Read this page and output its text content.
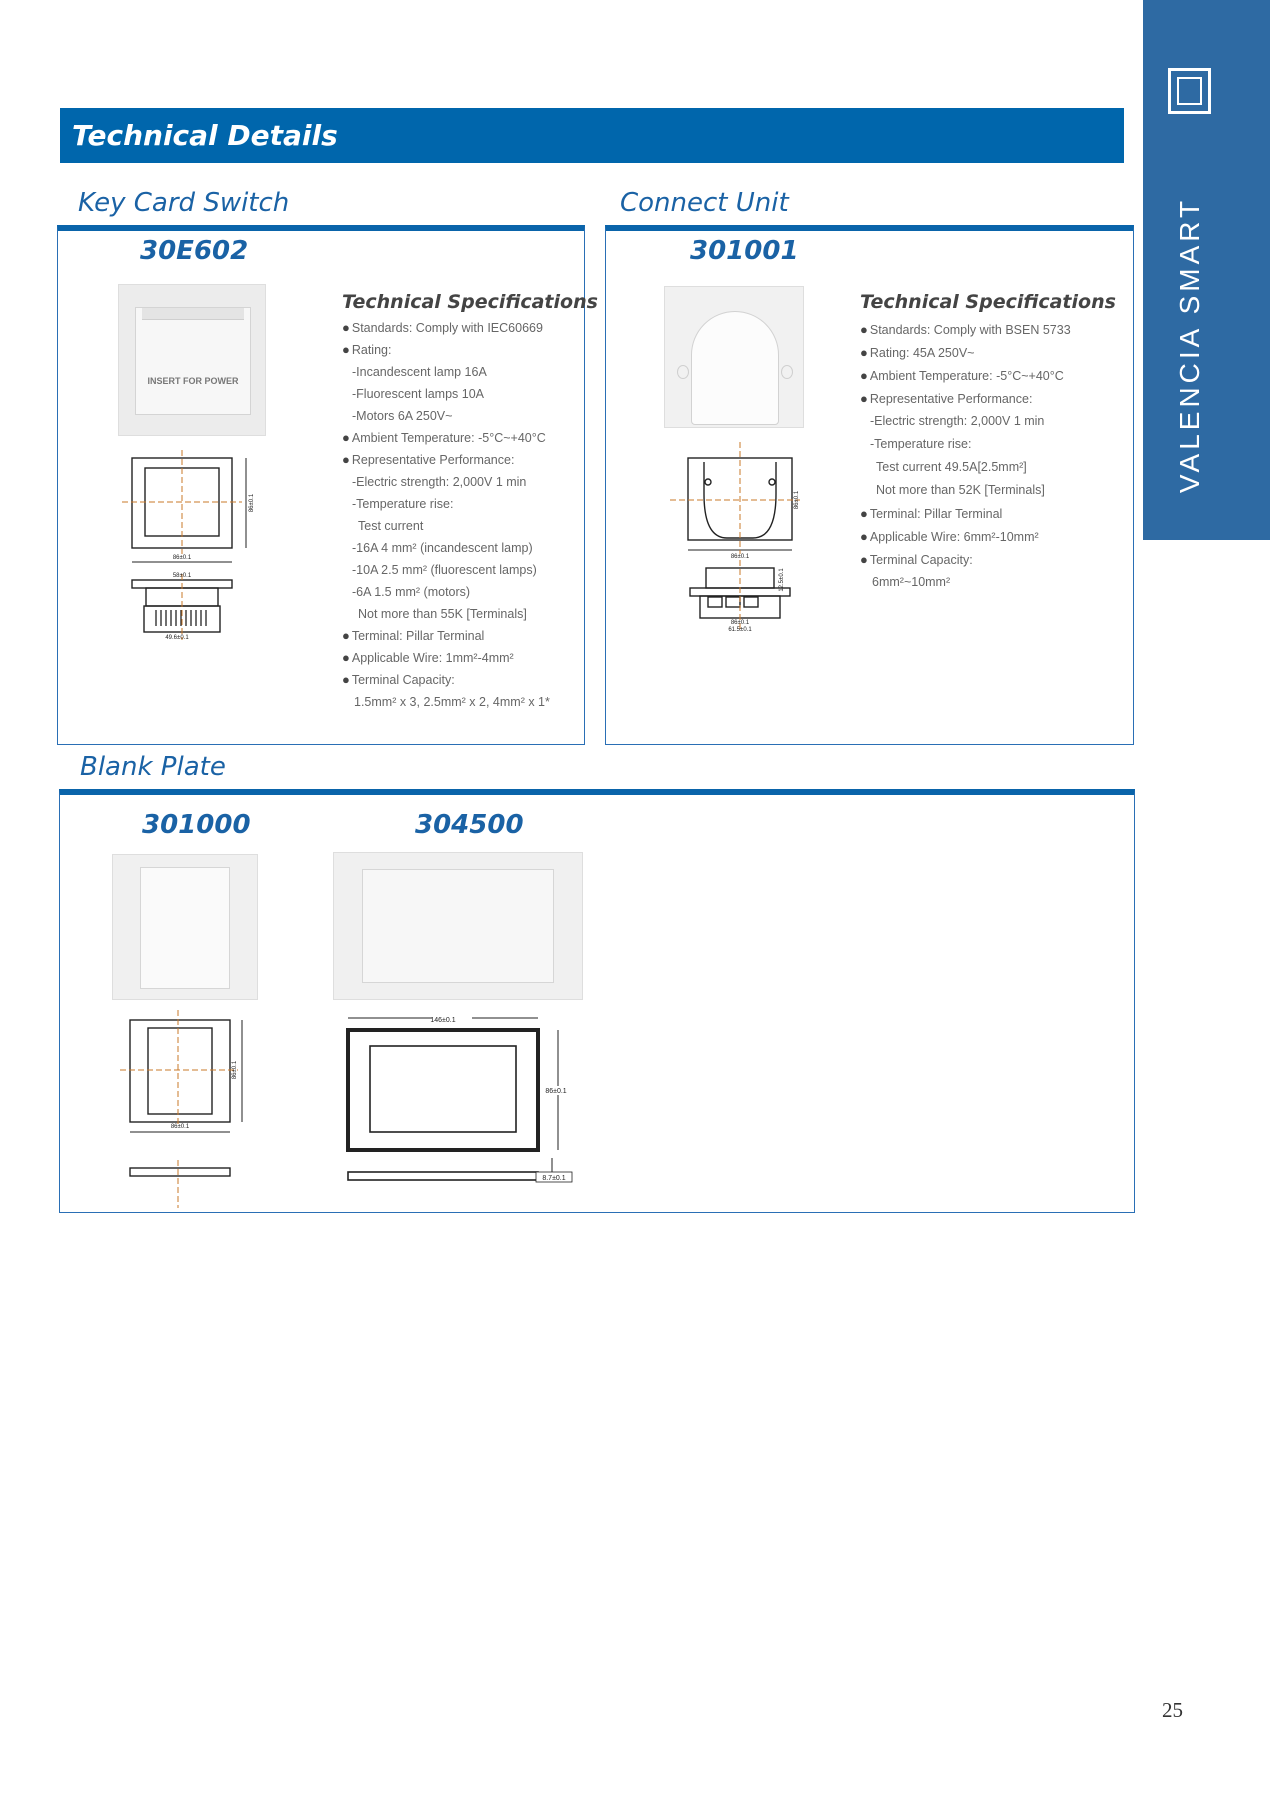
VALENCIA SMART
Technical Details
Key Card Switch
30E602
INSERT FOR POWER
86±0.1
86±0.1
58±0.1
49.6±0.1
Technical Specifications
● Standards: Comply with IEC60669
● Rating:
-Incandescent lamp 16A
-Fluorescent lamps 10A
-Motors 6A 250V~
● Ambient Temperature: -5°C~+40°C
● Representative Performance:
-Electric strength: 2,000V 1 min
-Temperature rise:
Test current
-16A 4 mm² (incandescent lamp)
-10A 2.5 mm² (fluorescent lamps)
-6A 1.5 mm² (motors)
Not more than 55K [Terminals]
● Terminal: Pillar Terminal
● Applicable Wire: 1mm²-4mm²
● Terminal Capacity:
1.5mm² x 3, 2.5mm² x 2, 4mm² x 1*
Connect Unit
301001
86±0.1
86±0.1
12.5±0.1
86±0.1
61.5±0.1
Technical Specifications
● Standards: Comply with BSEN 5733
● Rating: 45A 250V~
● Ambient Temperature: -5°C~+40°C
● Representative Performance:
-Electric strength: 2,000V 1 min
-Temperature rise:
Test current 49.5A[2.5mm²]
Not more than 52K [Terminals]
● Terminal: Pillar Terminal
● Applicable Wire: 6mm²-10mm²
● Terminal Capacity:
6mm²~10mm²
Blank Plate
301000	304500
86±0.1
86±0.1
146±0.1
86±0.1
8.7±0.1
25
